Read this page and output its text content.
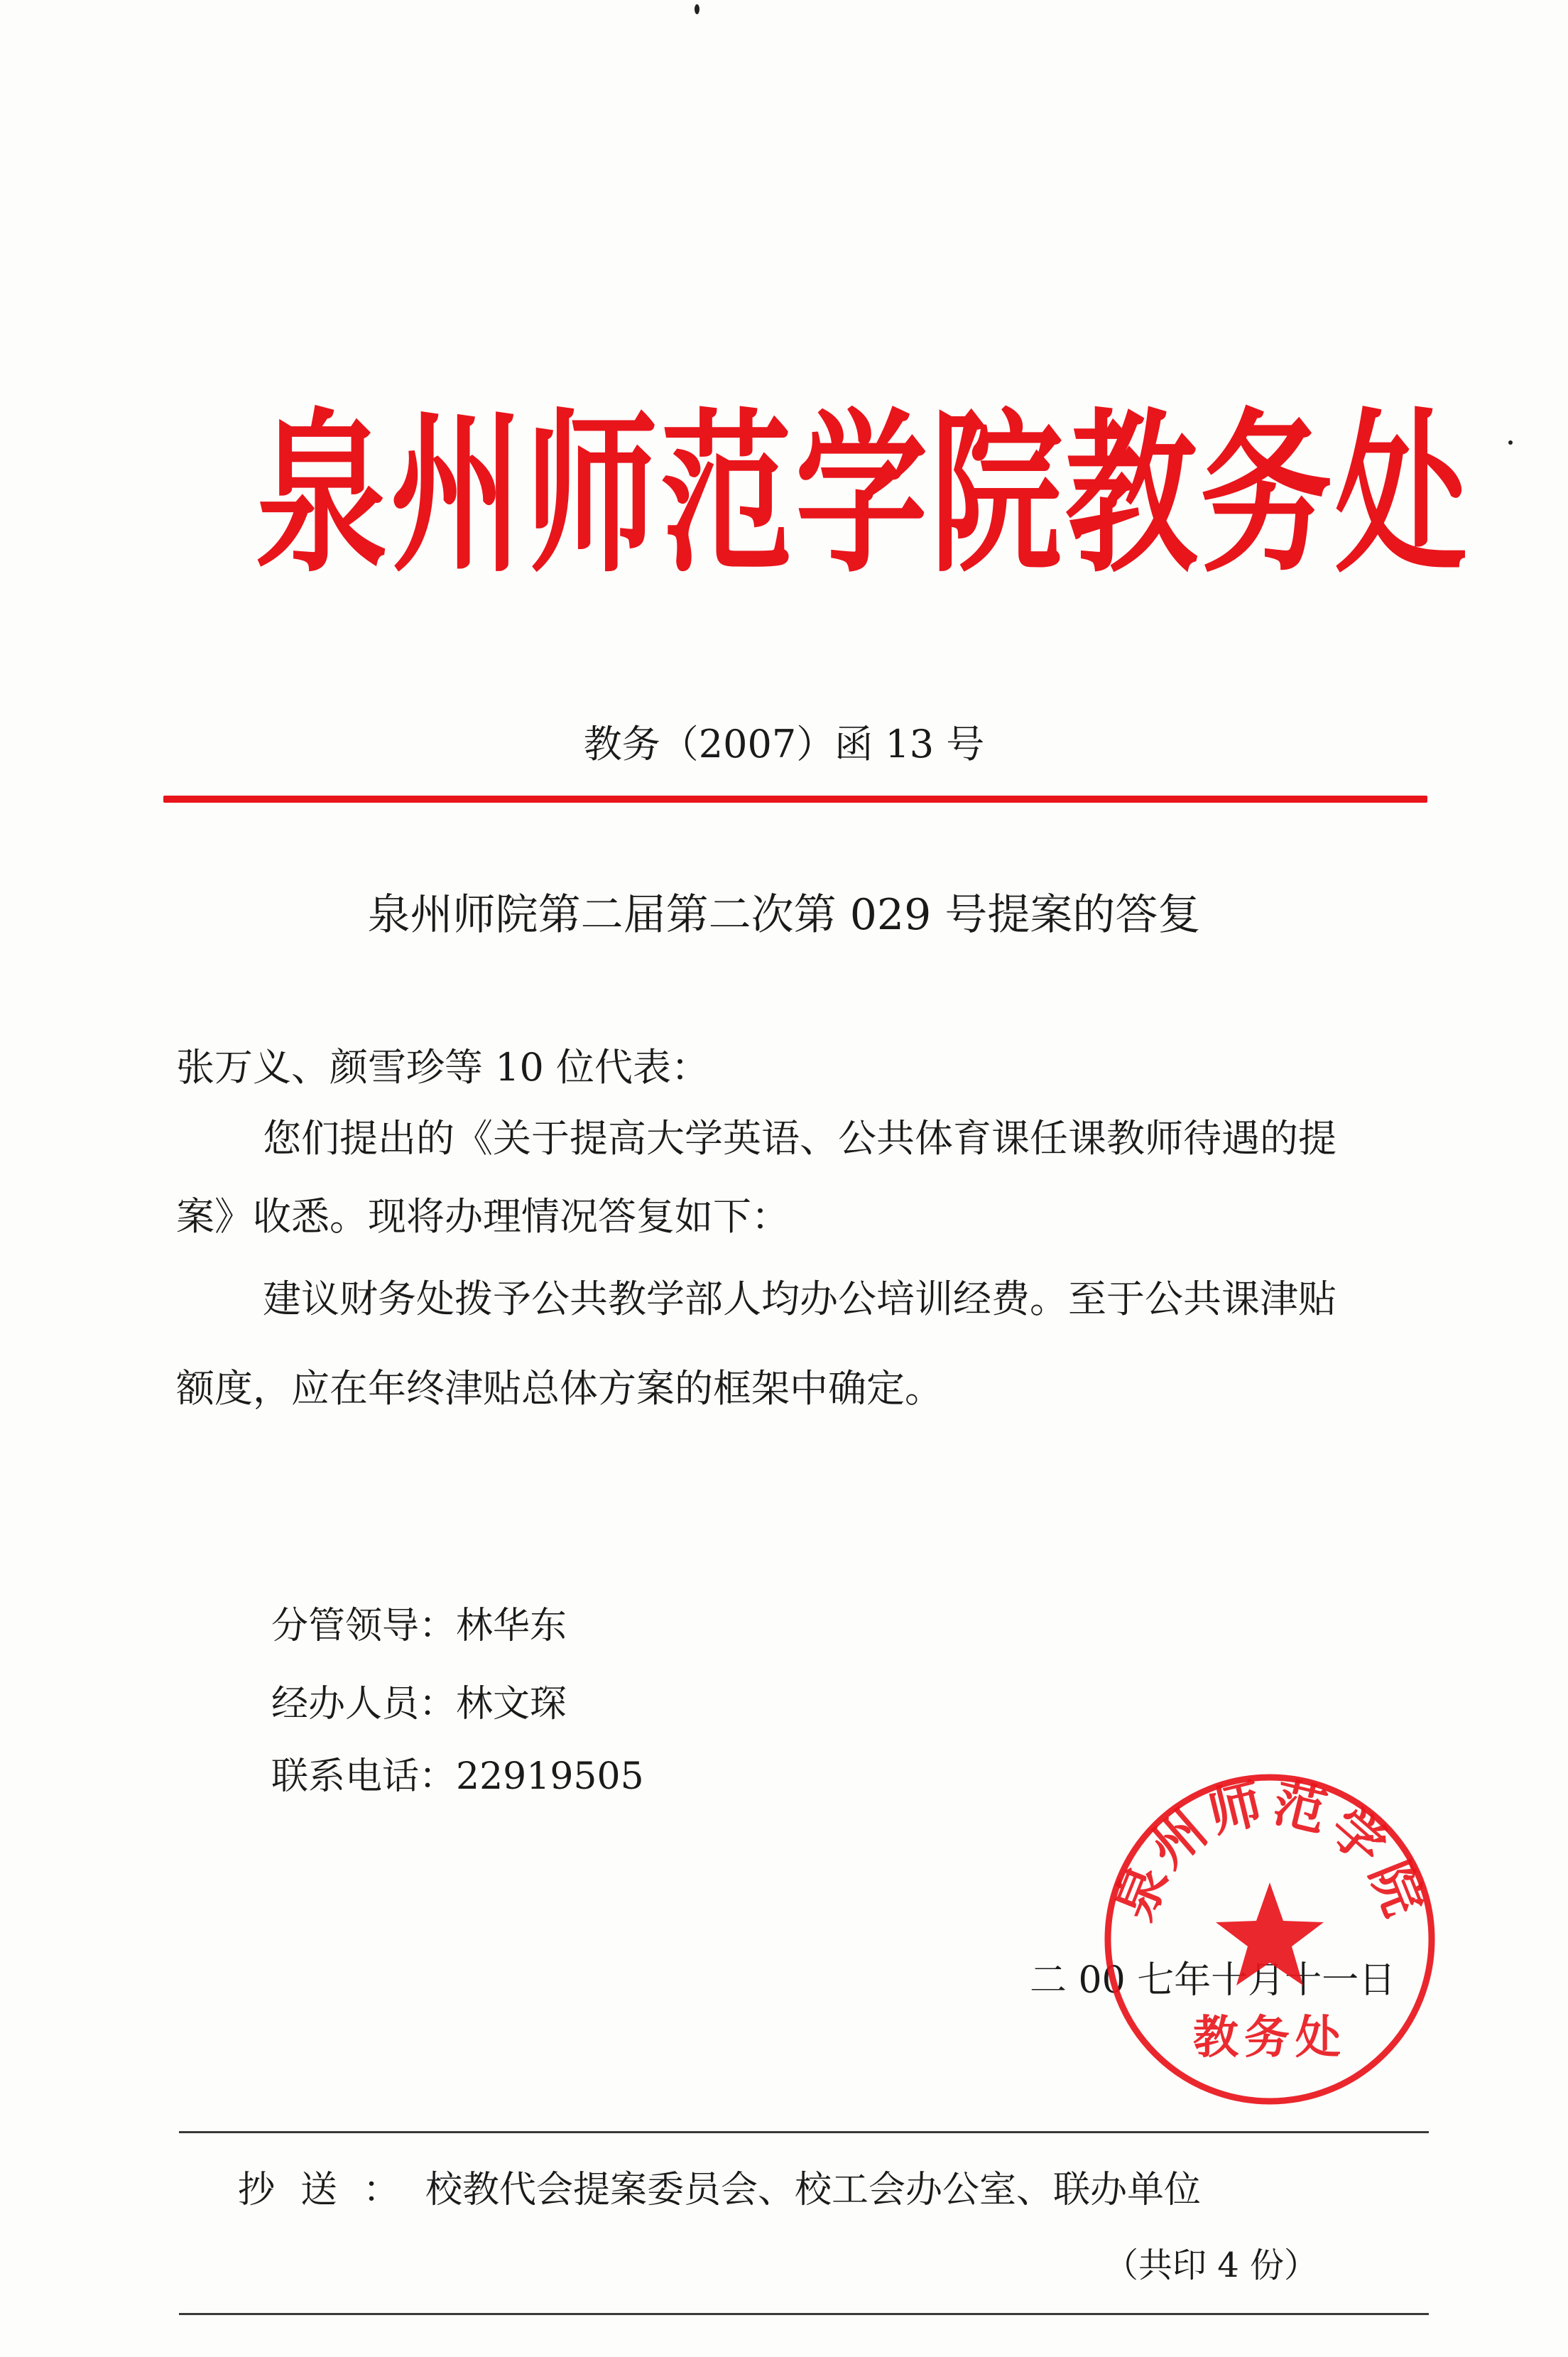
泉州师范学院教务处
教务（2007）函 13 号
泉州师院第二届第二次第 029 号提案的答复
张万义、颜雪珍等 10 位代表：
您们提出的《关于提高大学英语、公共体育课任课教师待遇的提
案》收悉。现将办理情况答复如下：
建议财务处拨予公共教学部人均办公培训经费。至于公共课津贴
额度，应在年终津贴总体方案的框架中确定。
分管领导：林华东
经办人员：林文琛
联系电话：22919505
二 00 七年十月十一日
泉州师范学院
教务处
抄送：校教代会提案委员会、校工会办公室、联办单位
（共印 4 份）
